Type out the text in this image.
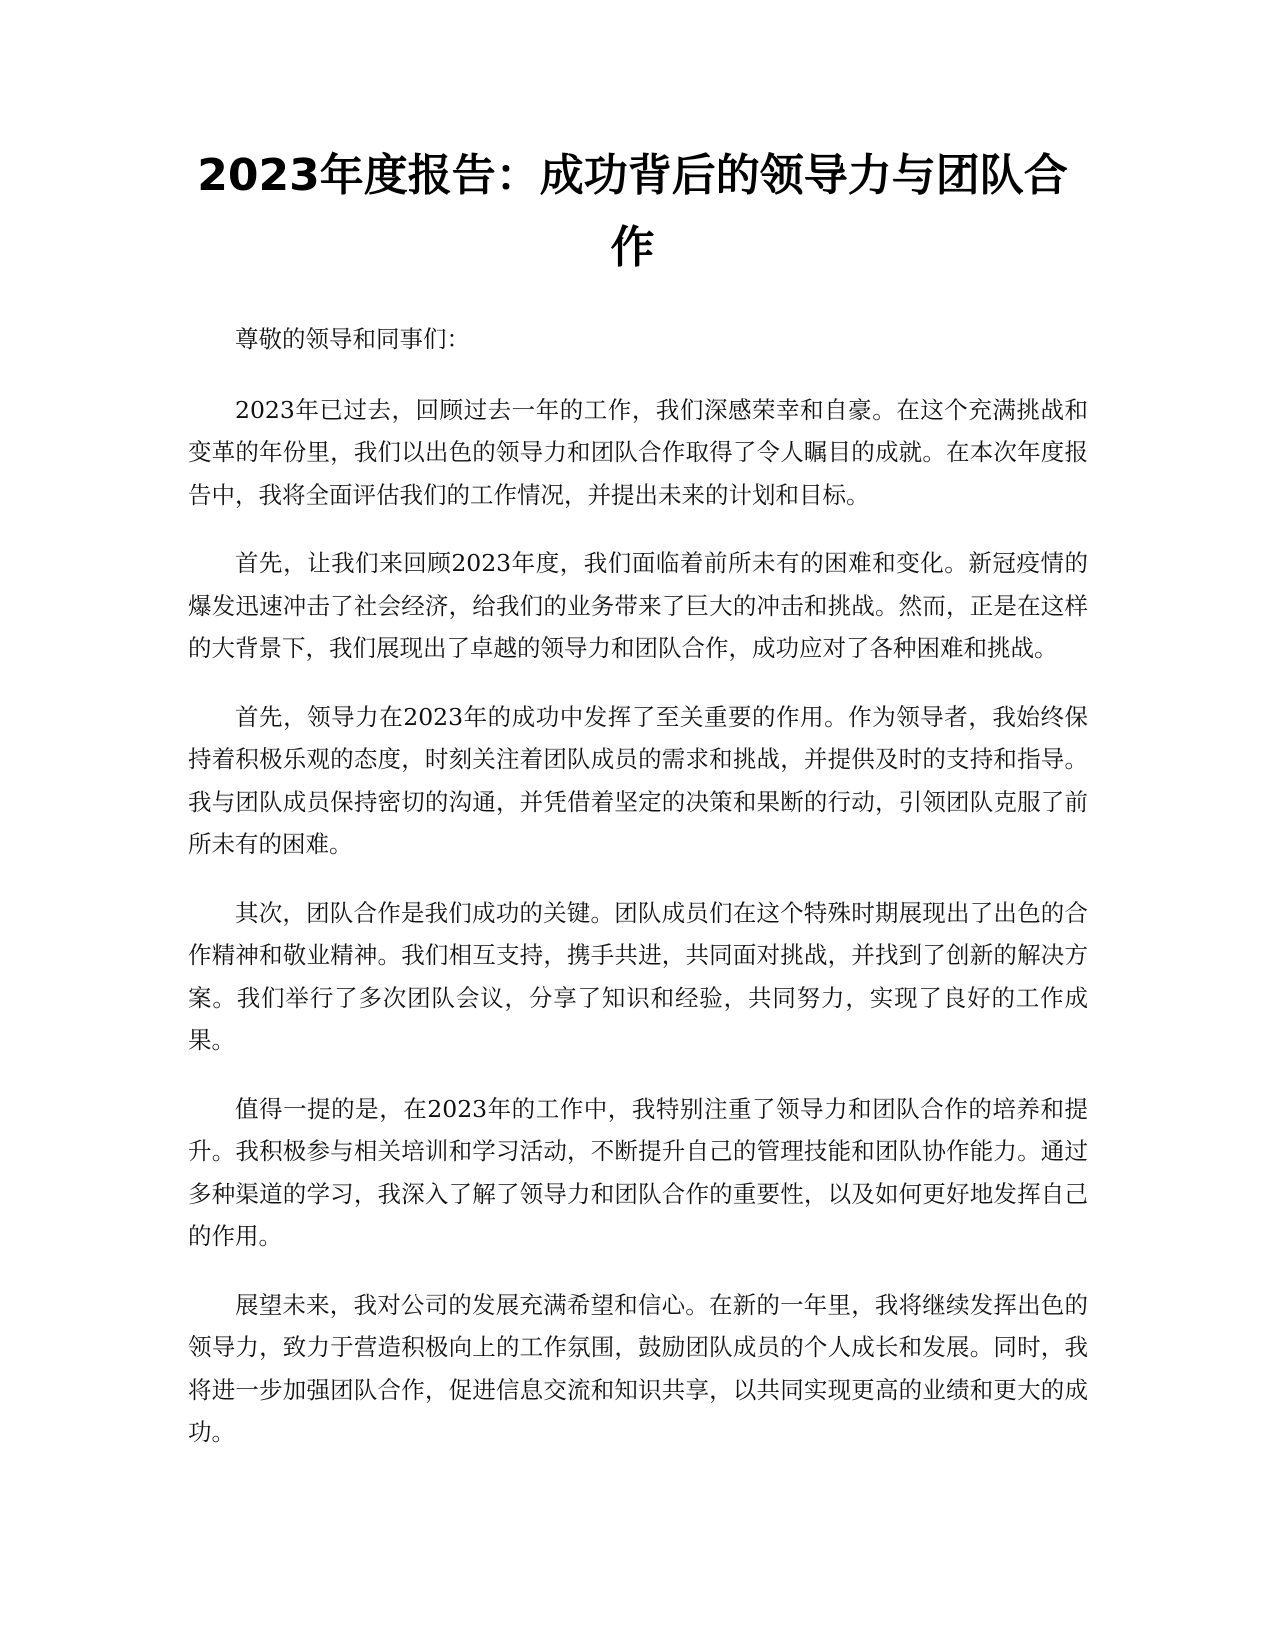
2023年度报告：成功背后的领导力与团队合作

尊敬的领导和同事们：

2023年已过去，回顾过去一年的工作，我们深感荣幸和自豪。在这个充满挑战和变革的年份里，我们以出色的领导力和团队合作取得了令人瞩目的成就。在本次年度报告中，我将全面评估我们的工作情况，并提出未来的计划和目标。

首先，让我们来回顾2023年度，我们面临着前所未有的困难和变化。新冠疫情的爆发迅速冲击了社会经济，给我们的业务带来了巨大的冲击和挑战。然而，正是在这样的大背景下，我们展现出了卓越的领导力和团队合作，成功应对了各种困难和挑战。

首先，领导力在2023年的成功中发挥了至关重要的作用。作为领导者，我始终保持着积极乐观的态度，时刻关注着团队成员的需求和挑战，并提供及时的支持和指导。我与团队成员保持密切的沟通，并凭借着坚定的决策和果断的行动，引领团队克服了前所未有的困难。

其次，团队合作是我们成功的关键。团队成员们在这个特殊时期展现出了出色的合作精神和敬业精神。我们相互支持，携手共进，共同面对挑战，并找到了创新的解决方案。我们举行了多次团队会议，分享了知识和经验，共同努力，实现了良好的工作成果。

值得一提的是，在2023年的工作中，我特别注重了领导力和团队合作的培养和提升。我积极参与相关培训和学习活动，不断提升自己的管理技能和团队协作能力。通过多种渠道的学习，我深入了解了领导力和团队合作的重要性，以及如何更好地发挥自己的作用。

展望未来，我对公司的发展充满希望和信心。在新的一年里，我将继续发挥出色的领导力，致力于营造积极向上的工作氛围，鼓励团队成员的个人成长和发展。同时，我将进一步加强团队合作，促进信息交流和知识共享，以共同实现更高的业绩和更大的成功。
